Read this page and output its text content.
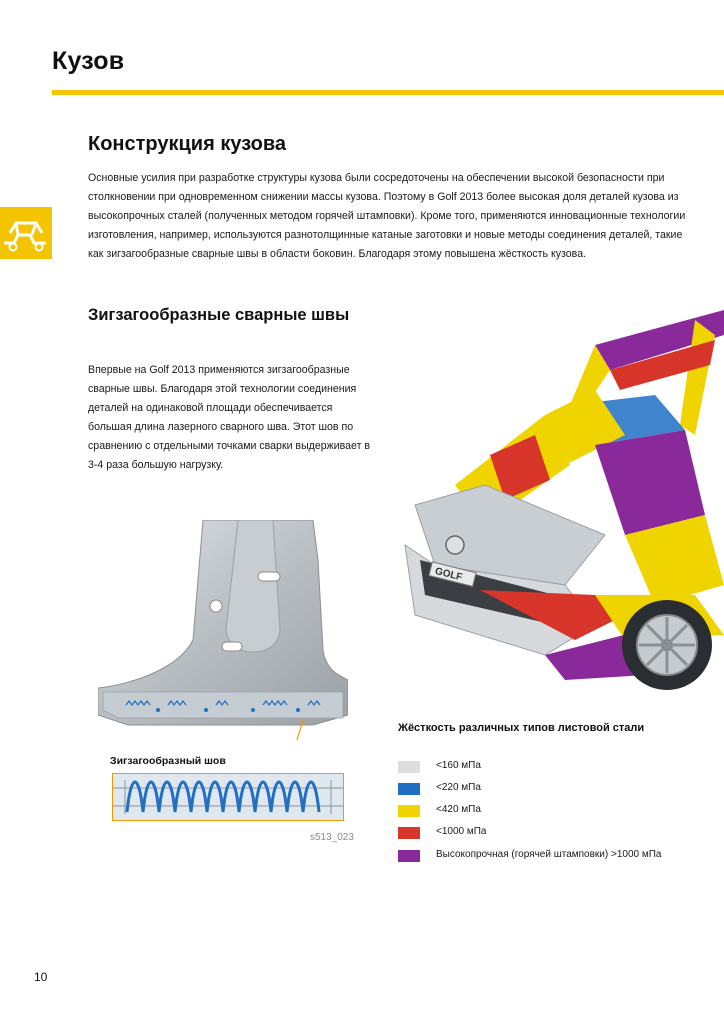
Кузов
Конструкция кузова
Основные усилия при разработке структуры кузова были сосредоточены на обеспечении высокой безопасности при столкновении при одновременном снижении массы кузова. Поэтому в Golf 2013 более высокая доля деталей кузова из высокопрочных сталей (полученных методом горячей штамповки). Кроме того, применяются инновационные технологии изготовления, например, используются разнотолщинные катаные заготовки и новые методы соединения деталей, такие как зигзагообразные сварные швы в области боковин. Благодаря этому повышена жёсткость кузова.
Зигзагообразные сварные швы
Впервые на Golf 2013 применяются зигзагообразные сварные швы. Благодаря этой технологии соединения деталей на одинаковой площади обеспечивается большая длина лазерного сварного шва. Этот шов по сравнению с отдельными точками сварки выдерживает в 3-4 раза большую нагрузку.
Зигзагообразный шов
s513_023
GOLF
Жёсткость различных типов листовой стали
<160 мПа
<220 мПа
<420 мПа
<1000 мПа
Высокопрочная (горячей штамповки) >1000 мПа
10
